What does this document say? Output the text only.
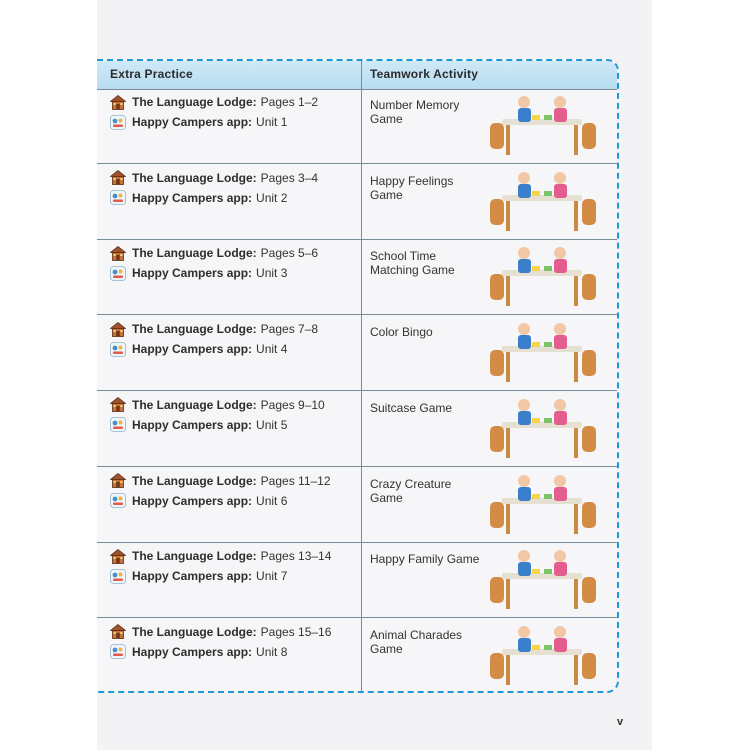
Extra Practice	Teamwork Activity
The Language Lodge: Pages 1–2
Happy Campers app: Unit 1
Number Memory
Game
The Language Lodge: Pages 3–4
Happy Campers app: Unit 2
Happy Feelings
Game
The Language Lodge: Pages 5–6
Happy Campers app: Unit 3
School Time
Matching Game
The Language Lodge: Pages 7–8
Happy Campers app: Unit 4
Color Bingo
The Language Lodge: Pages 9–10
Happy Campers app: Unit 5
Suitcase Game
The Language Lodge: Pages 11–12
Happy Campers app: Unit 6
Crazy Creature Game
The Language Lodge: Pages 13–14
Happy Campers app: Unit 7
Happy Family Game
The Language Lodge: Pages 15–16
Happy Campers app: Unit 8
Animal Charades
Game
v
